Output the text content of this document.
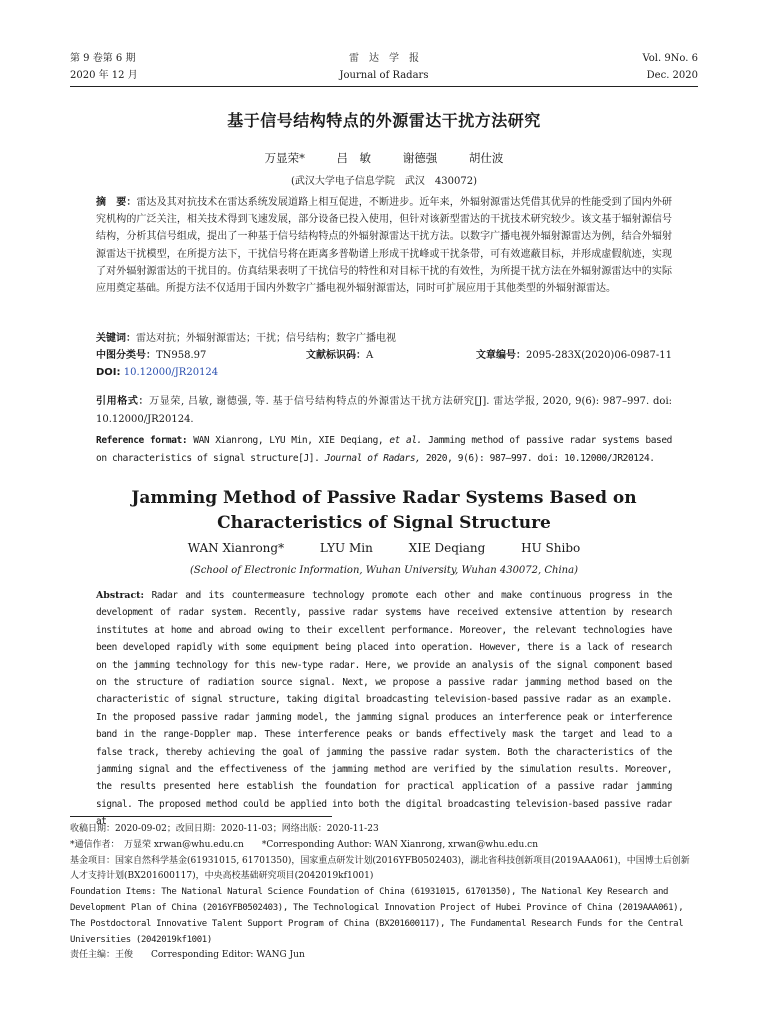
第 9 卷第 6 期	雷　达　学　报	Vol. 9No. 6
2020 年 12 月	Journal of Radars	Dec. 2020
基于信号结构特点的外源雷达干扰方法研究
万显荣*	吕　敏	谢德强	胡仕波
(武汉大学电子信息学院　武汉　430072)
摘　要：雷达及其对抗技术在雷达系统发展道路上相互促进，不断进步。近年来，外辐射源雷达凭借其优异的性能受到了国内外研究机构的广泛关注，相关技术得到飞速发展，部分设备已投入使用，但针对该新型雷达的干扰技术研究较少。该文基于辐射源信号结构，分析其信号组成，提出了一种基于信号结构特点的外辐射源雷达干扰方法。以数字广播电视外辐射源雷达为例，结合外辐射源雷达干扰模型，在所提方法下，干扰信号将在距离多普勒谱上形成干扰峰或干扰条带，可有效遮蔽目标，并形成虚假航迹，实现了对外辐射源雷达的干扰目的。仿真结果表明了干扰信号的特性和对目标干扰的有效性，为所提干扰方法在外辐射源雷达中的实际应用奠定基础。所提方法不仅适用于国内外数字广播电视外辐射源雷达，同时可扩展应用于其他类型的外辐射源雷达。
关键词：雷达对抗；外辐射源雷达；干扰；信号结构；数字广播电视
中图分类号：TN958.97	文献标识码：A	文章编号：2095-283X(2020)06-0987-11
DOI: 10.12000/JR20124
引用格式：万显荣, 吕敏, 谢德强, 等. 基于信号结构特点的外源雷达干扰方法研究[J]. 雷达学报, 2020, 9(6): 987–997. doi: 10.12000/JR20124.
Reference format: WAN Xianrong, LYU Min, XIE Deqiang, et al. Jamming method of passive radar systems based on characteristics of signal structure[J]. Journal of Radars, 2020, 9(6): 987–997. doi: 10.12000/JR20124.
Jamming Method of Passive Radar Systems Based on
Characteristics of Signal Structure
WAN Xianrong*	LYU Min	XIE Deqiang	HU Shibo
(School of Electronic Information, Wuhan University, Wuhan 430072, China)
Abstract: Radar and its countermeasure technology promote each other and make continuous progress in the development of radar system. Recently, passive radar systems have received extensive attention by research institutes at home and abroad owing to their excellent performance. Moreover, the relevant technologies have been developed rapidly with some equipment being placed into operation. However, there is a lack of research on the jamming technology for this new-type radar. Here, we provide an analysis of the signal component based on the structure of radiation source signal. Next, we propose a passive radar jamming method based on the characteristic of signal structure, taking digital broadcasting television-based passive radar as an example. In the proposed passive radar jamming model, the jamming signal produces an interference peak or interference band in the range-Doppler map. These interference peaks or bands effectively mask the target and lead to a false track, thereby achieving the goal of jamming the passive radar system. Both the characteristics of the jamming signal and the effectiveness of the jamming method are verified by the simulation results. Moreover, the results presented here establish the foundation for practical application of a passive radar jamming signal. The proposed method could be applied into both the digital broadcasting television-based passive radar at

收稿日期：2020-09-02；改回日期：2020-11-03；网络出版：2020-11-23

*通信作者：　万显荣 xrwan@whu.edu.cn　　*Corresponding Author: WAN Xianrong, xrwan@whu.edu.cn

基金项目：国家自然科学基金(61931015, 61701350)，国家重点研发计划(2016YFB0502403)，湖北省科技创新项目(2019AAA061)，中国博士后创新人才支持计划(BX201600117)，中央高校基础研究项目(2042019kf1001)

Foundation Items: The National Natural Science Foundation of China (61931015, 61701350), The National Key Research and Development Plan of China (2016YFB0502403), The Technological Innovation Project of Hubei Province of China (2019AAA061), The Postdoctoral Innovative Talent Support Program of China (BX201600117), The Fundamental Research Funds for the Central Universities (2042019kf1001)

责任主编：王俊　　Corresponding Editor: WANG Jun
